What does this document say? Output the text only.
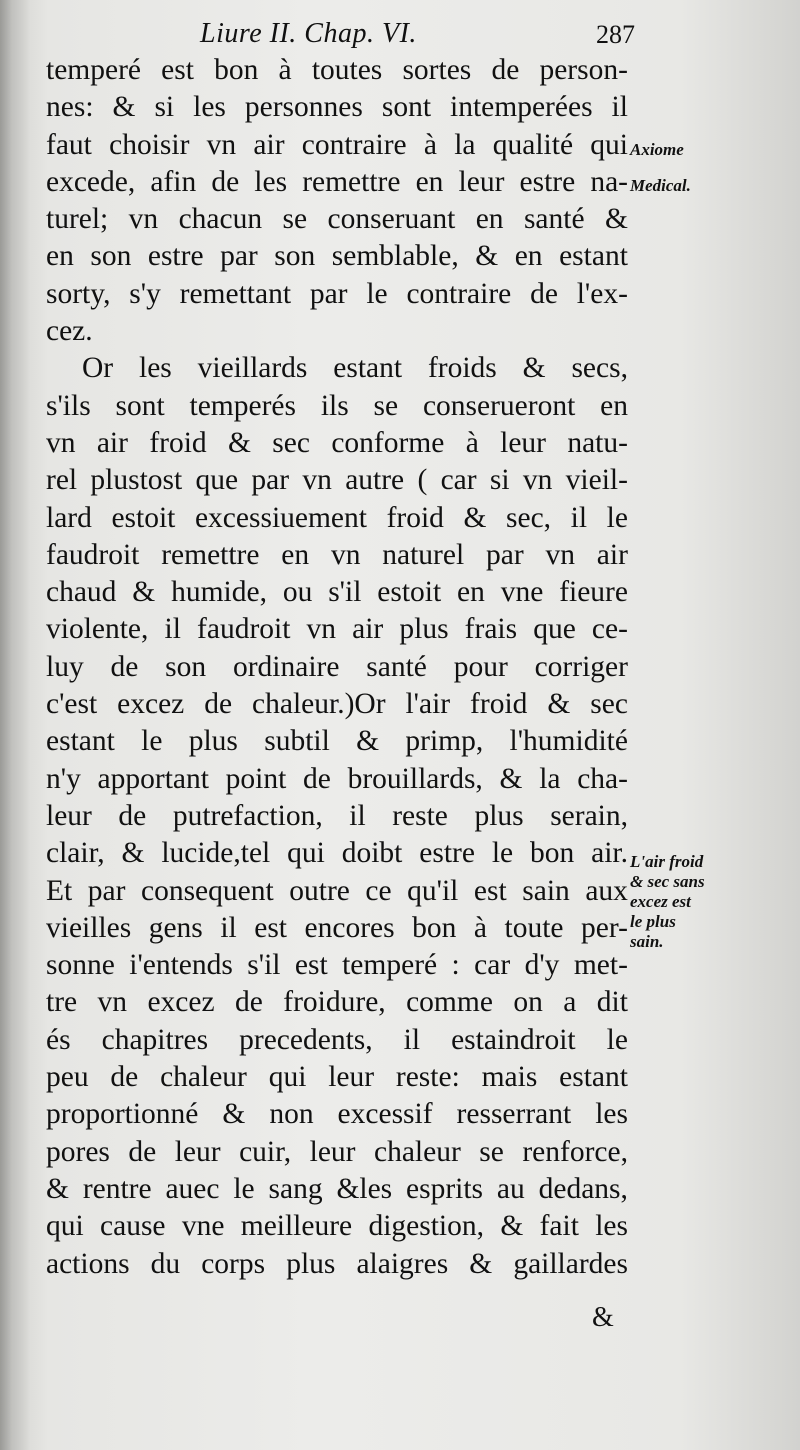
Liure II. Chap. VI.	287
temperé est bon à toutes sortes de person-
nes: & si les personnes sont intemperées il
faut choisir vn air contraire à la qualité qui
excede, afin de les remettre en leur estre na-
turel; vn chacun se conseruant en santé &
en son estre par son semblable, & en estant
sorty, s'y remettant par le contraire de l'ex-
cez.
Or les vieillards estant froids & secs,
s'ils sont temperés ils se conserueront en
vn air froid & sec conforme à leur natu-
rel plustost que par vn autre ( car si vn vieil-
lard estoit excessiuement froid & sec, il le
faudroit remettre en vn naturel par vn air
chaud & humide, ou s'il estoit en vne fieure
violente, il faudroit vn air plus frais que ce-
luy de son ordinaire santé pour corriger
c'est excez de chaleur.)Or l'air froid & sec
estant le plus subtil & primp, l'humidité
n'y apportant point de brouillards, & la cha-
leur de putrefaction, il reste plus serain,
clair, & lucide,tel qui doibt estre le bon air.
Et par consequent outre ce qu'il est sain aux
vieilles gens il est encores bon à toute per-
sonne i'entends s'il est temperé : car d'y met-
tre vn excez de froidure, comme on a dit
és chapitres precedents, il estaindroit le
peu de chaleur qui leur reste: mais estant
proportionné & non excessif resserrant les
pores de leur cuir, leur chaleur se renforce,
& rentre auec le sang &les esprits au dedans,
qui cause vne meilleure digestion, & fait les
actions du corps plus alaigres & gaillardes
Axiome
Medical.
L'air froid
& sec sans
excez est
le plus
sain.
&
